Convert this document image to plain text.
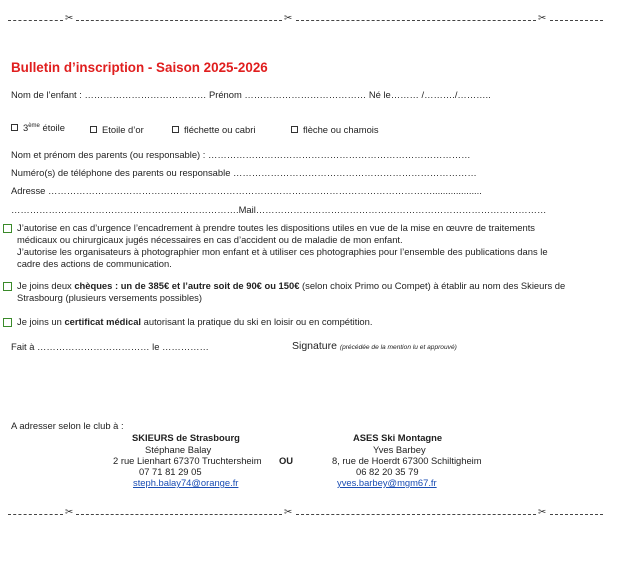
✂	✂	✂
Bulletin d’inscription - Saison 2025-2026
Nom de l’enfant : ………………………………… Prénom ………………………………… Né le……… /………./………..
3ème étoile	Etoile d’or	fléchette ou cabri	flèche ou chamois
Nom et prénom des parents (ou responsable) : …………………………………………………………………………
Numéro(s) de téléphone des parents ou responsable ……………………………………………………………………
Adresse ……………………………………………………………………………………………………………...................
……………………………………………………………….Mail…………………………………………………………………………………
J’autorise en cas d’urgence l’encadrement à prendre toutes les dispositions utiles en vue de la mise en œuvre de traitements
médicaux ou chirurgicaux jugés nécessaires en cas d’accident ou de maladie de mon enfant.
J’autorise les organisateurs à photographier mon enfant et à utiliser ces photographies pour l’ensemble des publications dans le
cadre des actions de communication.
Je joins deux chèques : un de 385€ et l’autre soit de 90€ ou 150€ (selon choix Primo ou Compet) à établir au nom des Skieurs de
Strasbourg (plusieurs versements possibles)
Je joins un certificat médical autorisant la pratique du ski en loisir ou en compétition.
Fait à ……………………………… le ……………	Signature (précédée de la mention lu et approuvé)
A adresser selon le club à :
SKIEURS de Strasbourg
Stéphane Balay
2 rue Lienhart 67370 Truchtersheim
07 71 81 29 05
steph.balay74@orange.fr
OU
ASES Ski Montagne
Yves Barbey
8, rue de Hoerdt 67300 Schiltigheim
06 82 20 35 79
yves.barbey@mgm67.fr
✂	✂	✂
